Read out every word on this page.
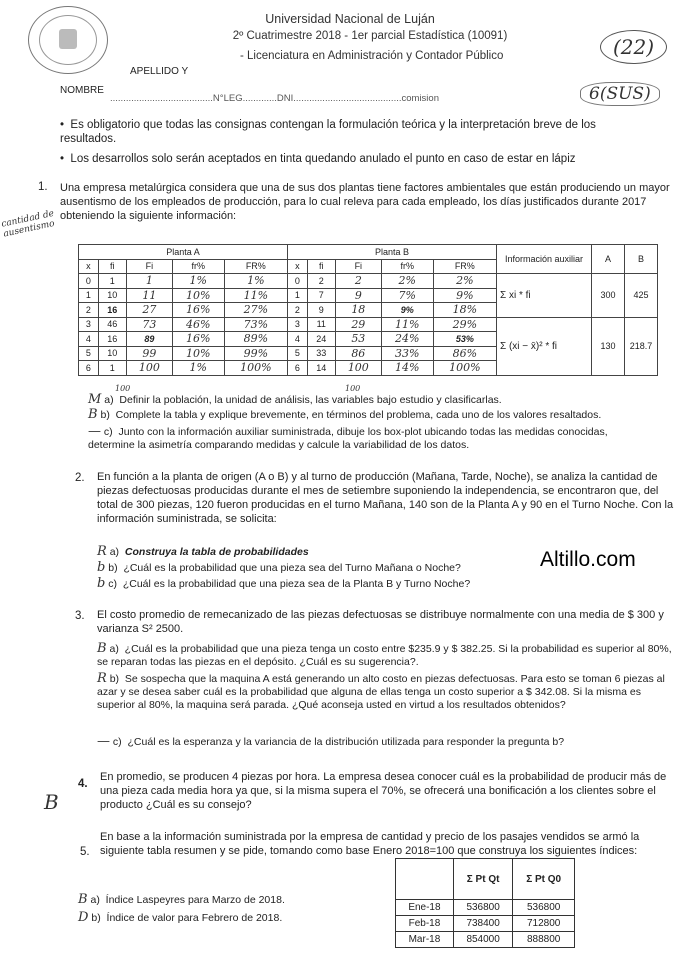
Universidad Nacional de Luján
2º Cuatrimestre 2018 - 1er parcial Estadística (10091)
- Licenciatura en Administración y Contador Público
APELLIDO Y
(22)
NOMBRE
.......................................N°LEG.............DNI.........................................comision	6(SUS)
•  Es obligatorio que todas las consignas contengan la formulación teórica y la interpretación breve de los resultados.
•  Los desarrollos solo serán aceptados en tinta quedando anulado el punto en caso de estar en lápiz
1. Una empresa metalúrgica considera que una de sus dos plantas tiene factores ambientales que están produciendo un mayor ausentismo de los empleados de producción, para lo cual releva para cada empleado, los días justificados durante 2017 obteniendo la siguiente información:
cantidad de ausentismo
Planta A					Planta B					Información auxiliar	A	B
x	fi	Fi	fr%	FR%	x	fi	Fi	fr%	FR%			
0	1	1	1%	1%	0	2	2	2%	2%	Σ xi * fi	300	425
1	10	11	10%	11%	1	7	9	7%	9%			
2	16	27	16%	27%	2	9	18	9%	18%			
3	46	73	46%	73%	3	11	29	11%	29%	Σ (xi − x̄)² * fi	130	218.7
4	16	89	16%	89%	4	24	53	24%	53%			
5	10	99	10%	99%	5	33	86	33%	86%			
6	1	100	1%	100%	6	14	100	14%	100%			
100	100
M a) Definir la población, la unidad de análisis, las variables bajo estudio y clasificarlas.
B b) Complete la tabla y explique brevemente, en términos del problema, cada uno de los valores resaltados.
— c) Junto con la información auxiliar suministrada, dibuje los box-plot ubicando todas las medidas conocidas, determine la asimetría comparando medidas y calcule la variabilidad de los datos.
2. En función a la planta de origen (A o B) y al turno de producción (Mañana, Tarde, Noche), se analiza la cantidad de piezas defectuosas producidas durante el mes de setiembre suponiendo la independencia, se encontraron que, del total de 300 piezas, 120 fueron producidas en el turno Mañana, 140 son de la Planta A y 90 en el Turno Noche. Con la información suministrada, se solicita:
R a) Construya la tabla de probabilidades
b b) ¿Cuál es la probabilidad que una pieza sea del Turno Mañana o Noche?
b c) ¿Cuál es la probabilidad que una pieza sea de la Planta B y Turno Noche?
Altillo.com
3. El costo promedio de remecanizado de las piezas defectuosas se distribuye normalmente con una media de $ 300 y varianza S² 2500.
B a) ¿Cuál es la probabilidad que una pieza tenga un costo entre $235.9 y $ 382.25. Si la probabilidad es superior al 80%, se reparan todas las piezas en el depósito. ¿Cuál es su sugerencia?.
R b) Se sospecha que la maquina A está generando un alto costo en piezas defectuosas. Para esto se toman 6 piezas al azar y se desea saber cuál es la probabilidad que alguna de ellas tenga un costo superior a $ 342.08. Si la misma es superior al 80%, la maquina será parada. ¿Qué aconseja usted en virtud a los resultados obtenidos?
— c) ¿Cuál es la esperanza y la variancia de la distribución utilizada para responder la pregunta b?
B
4.
En promedio, se producen 4 piezas por hora. La empresa desea conocer cuál es la probabilidad de producir más de una pieza cada media hora ya que, si la misma supera el 70%, se ofrecerá una bonificación a los clientes sobre el producto ¿Cuál es su consejo?
5.
En base a la información suministrada por la empresa de cantidad y precio de los pasajes vendidos se armó la siguiente tabla resumen y se pide, tomando como base Enero 2018=100 que construya los siguientes índices:
B a) Índice Laspeyres para Marzo de 2018.
D b) Índice de valor para Febrero de 2018.
	Σ Pt Qt	Σ Pt Q0
Ene-18	536800	536800
Feb-18	738400	712800
Mar-18	854000	888800
